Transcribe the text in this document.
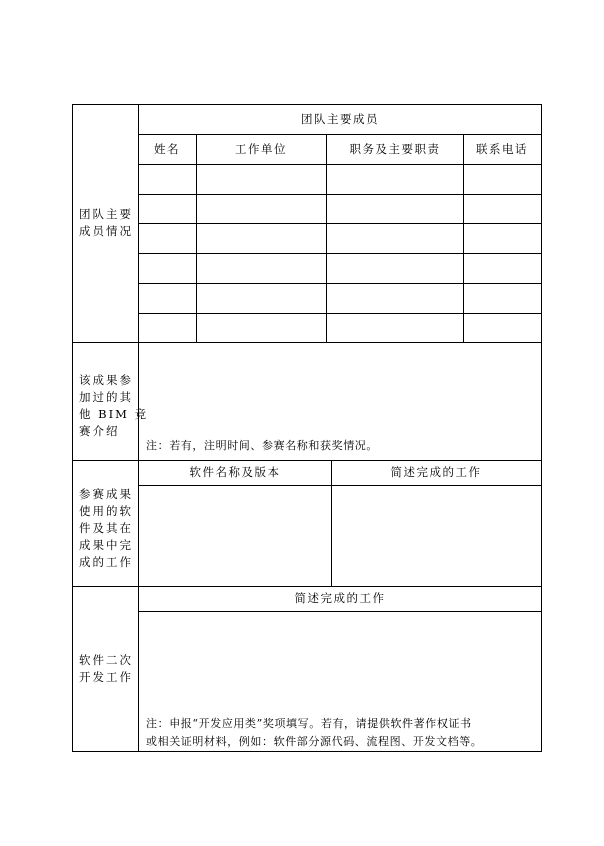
团队主要
成员情况
团队主要成员
姓名	工作单位	职务及主要职责	联系电话
该成果参
加过的其
他 BIM 竞
赛介绍
注：若有，注明时间、参赛名称和获奖情况。
参赛成果
使用的软
件及其在
成果中完
成的工作
软件名称及版本	简述完成的工作
软件二次
开发工作
简述完成的工作
注：申报“开发应用类”奖项填写。若有，请提供软件著作权证书
或相关证明材料，例如：软件部分源代码、流程图、开发文档等。
